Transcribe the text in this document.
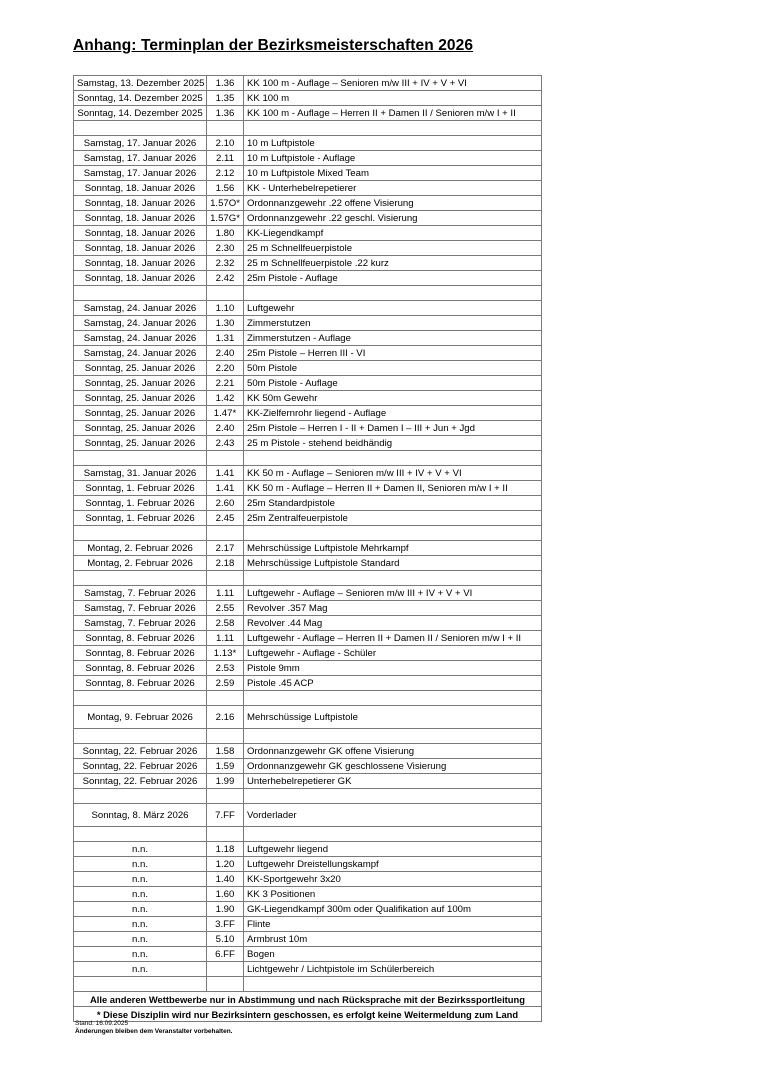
Anhang: Terminplan der Bezirksmeisterschaften 2026
Samstag, 13. Dezember 2025	1.36	KK 100 m - Auflage – Senioren m/w III + IV + V + VI
Sonntag, 14. Dezember 2025	1.35	KK 100 m
Sonntag, 14. Dezember 2025	1.36	KK 100 m - Auflage – Herren II + Damen II / Senioren m/w I + II

Samstag, 17. Januar 2026	2.10	10 m Luftpistole
Samstag, 17. Januar 2026	2.11	10 m Luftpistole - Auflage
Samstag, 17. Januar 2026	2.12	10 m Luftpistole Mixed Team
Sonntag, 18. Januar 2026	1.56	KK - Unterhebelrepetierer
Sonntag, 18. Januar 2026	1.57O*	Ordonnanzgewehr .22 offene Visierung
Sonntag, 18. Januar 2026	1.57G*	Ordonnanzgewehr .22 geschl. Visierung
Sonntag, 18. Januar 2026	1.80	KK-Liegendkampf
Sonntag, 18. Januar 2026	2.30	25 m Schnellfeuerpistole
Sonntag, 18. Januar 2026	2.32	25 m Schnellfeuerpistole .22 kurz
Sonntag, 18. Januar 2026	2.42	25m Pistole - Auflage

Samstag, 24. Januar 2026	1.10	Luftgewehr
Samstag, 24. Januar 2026	1.30	Zimmerstutzen
Samstag, 24. Januar 2026	1.31	Zimmerstutzen - Auflage
Samstag, 24. Januar 2026	2.40	25m Pistole – Herren III - VI
Sonntag, 25. Januar 2026	2.20	50m Pistole
Sonntag, 25. Januar 2026	2.21	50m Pistole - Auflage
Sonntag, 25. Januar 2026	1.42	KK 50m Gewehr
Sonntag, 25. Januar 2026	1.47*	KK-Zielfernrohr liegend - Auflage
Sonntag, 25. Januar 2026	2.40	25m Pistole – Herren I - II + Damen I – III + Jun + Jgd
Sonntag, 25. Januar 2026	2.43	25 m Pistole - stehend beidhändig

Samstag, 31. Januar 2026	1.41	KK 50 m - Auflage – Senioren m/w III + IV + V + VI
Sonntag, 1. Februar 2026	1.41	KK 50 m - Auflage – Herren II + Damen II, Senioren m/w I + II
Sonntag, 1. Februar 2026	2.60	25m Standardpistole
Sonntag, 1. Februar 2026	2.45	25m Zentralfeuerpistole

Montag, 2. Februar 2026	2.17	Mehrschüssige Luftpistole Mehrkampf
Montag, 2. Februar 2026	2.18	Mehrschüssige Luftpistole Standard

Samstag, 7. Februar 2026	1.11	Luftgewehr - Auflage – Senioren m/w III + IV + V + VI
Samstag, 7. Februar 2026	2.55	Revolver .357 Mag
Samstag, 7. Februar 2026	2.58	Revolver .44 Mag
Sonntag, 8. Februar 2026	1.11	Luftgewehr - Auflage – Herren II + Damen II / Senioren m/w I + II
Sonntag, 8. Februar 2026	1.13*	Luftgewehr - Auflage - Schüler
Sonntag, 8. Februar 2026	2.53	Pistole 9mm
Sonntag, 8. Februar 2026	2.59	Pistole .45 ACP

Montag, 9. Februar 2026	2.16	Mehrschüssige Luftpistole

Sonntag, 22. Februar 2026	1.58	Ordonnanzgewehr GK offene Visierung
Sonntag, 22. Februar 2026	1.59	Ordonnanzgewehr GK geschlossene Visierung
Sonntag, 22. Februar 2026	1.99	Unterhebelrepetierer GK

Sonntag, 8. März 2026	7.FF	Vorderlader

n.n.	1.18	Luftgewehr liegend
n.n.	1.20	Luftgewehr Dreistellungskampf
n.n.	1.40	KK-Sportgewehr 3x20
n.n.	1.60	KK 3 Positionen
n.n.	1.90	GK-Liegendkampf 300m oder Qualifikation auf 100m
n.n.	3.FF	Flinte
n.n.	5.10	Armbrust 10m
n.n.	6.FF	Bogen
n.n.		Lichtgewehr / Lichtpistole im Schülerbereich

Alle anderen Wettbewerbe nur in Abstimmung und nach Rücksprache mit der Bezirkssportleitung		
* Diese Disziplin wird nur Bezirksintern geschossen, es erfolgt keine Weitermeldung zum Land		
Stand: 16.09.2025
Änderungen bleiben dem Veranstalter vorbehalten.
